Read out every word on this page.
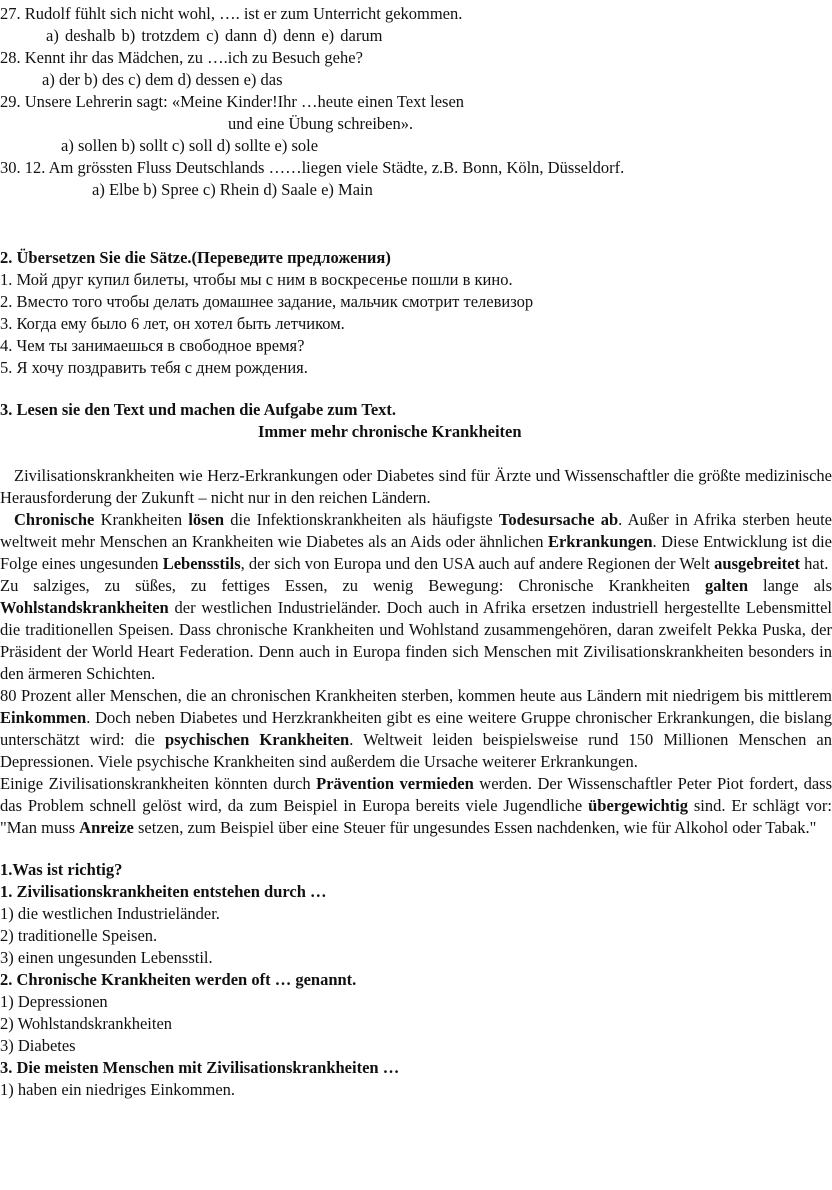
27. Rudolf fühlt sich nicht wohl, …. ist er zum Unterricht gekommen.
a) deshalb b) trotzdem c) dann d) denn e) darum
28. Kennt ihr das Mädchen, zu ….ich zu Besuch gehe?
a) der b) des c) dem d) dessen e) das
29. Unsere Lehrerin sagt: «Meine Kinder!Ihr …heute einen Text lesen
und eine Übung schreiben».
a) sollen b) sollt c) soll d) sollte e) sole
30. 12. Am grössten Fluss Deutschlands ……liegen viele Städte, z.B. Bonn, Köln, Düsseldorf.
a) Elbe b) Spree c) Rhein d) Saale e) Main
2. Übersetzen Sie die Sätze.(Переведите предложения)
1. Мой друг купил билеты, чтобы мы с ним в воскресенье пошли в кино.
2. Вместо того чтобы делать домашнее задание, мальчик смотрит телевизор
3. Когда ему было 6 лет, он хотел быть летчиком.
4. Чем ты занимаешься в свободное время?
5. Я хочу поздравить тебя с днем рождения.
3. Lesen sie den Text und machen die Aufgabe zum Text.
Immer mehr chronische Krankheiten

Zivilisationskrankheiten wie Herz-Erkrankungen oder Diabetes sind für Ärzte und Wissenschaftler die größte medizinische Herausforderung der Zukunft – nicht nur in den reichen Ländern.

Chronische Krankheiten lösen die Infektionskrankheiten als häufigste Todesursache ab. Außer in Afrika sterben heute weltweit mehr Menschen an Krankheiten wie Diabetes als an Aids oder ähnlichen Erkrankungen. Diese Entwicklung ist die Folge eines ungesunden Lebensstils, der sich von Europa und den USA auch auf andere Regionen der Welt ausgebreitet hat.

Zu salziges, zu süßes, zu fettiges Essen, zu wenig Bewegung: Chronische Krankheiten galten lange als Wohlstandskrankheiten der westlichen Industrieländer. Doch auch in Afrika ersetzen industriell hergestellte Lebensmittel die traditionellen Speisen. Dass chronische Krankheiten und Wohlstand zusammengehören, daran zweifelt Pekka Puska, der Präsident der World Heart Federation. Denn auch in Europa finden sich Menschen mit Zivilisationskrankheiten besonders in den ärmeren Schichten.

80 Prozent aller Menschen, die an chronischen Krankheiten sterben, kommen heute aus Ländern mit niedrigem bis mittlerem Einkommen. Doch neben Diabetes und Herzkrankheiten gibt es eine weitere Gruppe chronischer Erkrankungen, die bislang unterschätzt wird: die psychischen Krankheiten. Weltweit leiden beispielsweise rund 150 Millionen Menschen an Depressionen. Viele psychische Krankheiten sind außerdem die Ursache weiterer Erkrankungen.

Einige Zivilisationskrankheiten könnten durch Prävention vermieden werden. Der Wissenschaftler Peter Piot fordert, dass das Problem schnell gelöst wird, da zum Beispiel in Europa bereits viele Jugendliche übergewichtig sind. Er schlägt vor: "Man muss Anreize setzen, zum Beispiel über eine Steuer für ungesundes Essen nachdenken, wie für Alkohol oder Tabak."

1.Was ist richtig?
1. Zivilisationskrankheiten entstehen durch …
1) die westlichen Industrieländer.
2) traditionelle Speisen.
3) einen ungesunden Lebensstil.
2. Chronische Krankheiten werden oft … genannt.
1) Depressionen
2) Wohlstandskrankheiten
3) Diabetes
3. Die meisten Menschen mit Zivilisationskrankheiten …
1) haben ein niedriges Einkommen.
